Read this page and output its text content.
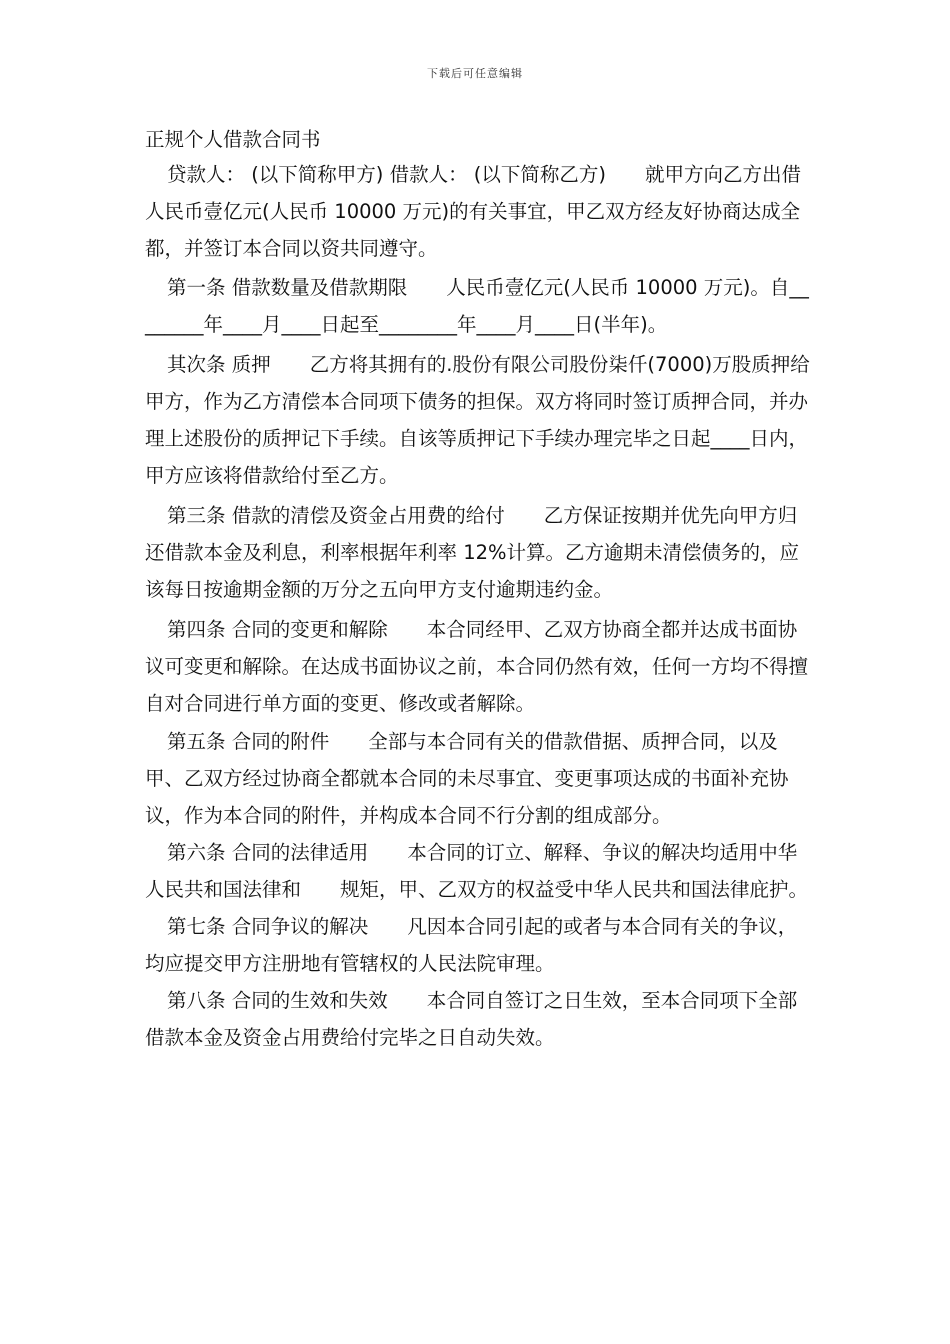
下载后可任意编辑
正规个人借款合同书

贷款人： (以下简称甲方) 借款人： (以下简称乙方)　　就甲方向乙方出借人民币壹亿元(人民币 10000 万元)的有关事宜，甲乙双方经友好协商达成全都，并签订本合同以资共同遵守。

第一条 借款数量及借款期限　　人民币壹亿元(人民币 10000 万元)。自________年____月____日起至________年____月____日(半年)。

其次条 质押　　乙方将其拥有的.股份有限公司股份柒仟(7000)万股质押给甲方，作为乙方清偿本合同项下债务的担保。双方将同时签订质押合同，并办理上述股份的质押记下手续。自该等质押记下手续办理完毕之日起____日内，甲方应该将借款给付至乙方。

第三条 借款的清偿及资金占用费的给付　　乙方保证按期并优先向甲方归还借款本金及利息，利率根据年利率 12%计算。乙方逾期未清偿债务的，应该每日按逾期金额的万分之五向甲方支付逾期违约金。

第四条 合同的变更和解除　　本合同经甲、乙双方协商全都并达成书面协议可变更和解除。在达成书面协议之前，本合同仍然有效，任何一方均不得擅自对合同进行单方面的变更、修改或者解除。

第五条 合同的附件　　全部与本合同有关的借款借据、质押合同，以及甲、乙双方经过协商全都就本合同的未尽事宜、变更事项达成的书面补充协议，作为本合同的附件，并构成本合同不行分割的组成部分。

第六条 合同的法律适用　　本合同的订立、解释、争议的解决均适用中华人民共和国法律和　　规矩，甲、乙双方的权益受中华人民共和国法律庇护。

第七条 合同争议的解决　　凡因本合同引起的或者与本合同有关的争议，均应提交甲方注册地有管辖权的人民法院审理。

第八条 合同的生效和失效　　本合同自签订之日生效，至本合同项下全部借款本金及资金占用费给付完毕之日自动失效。
